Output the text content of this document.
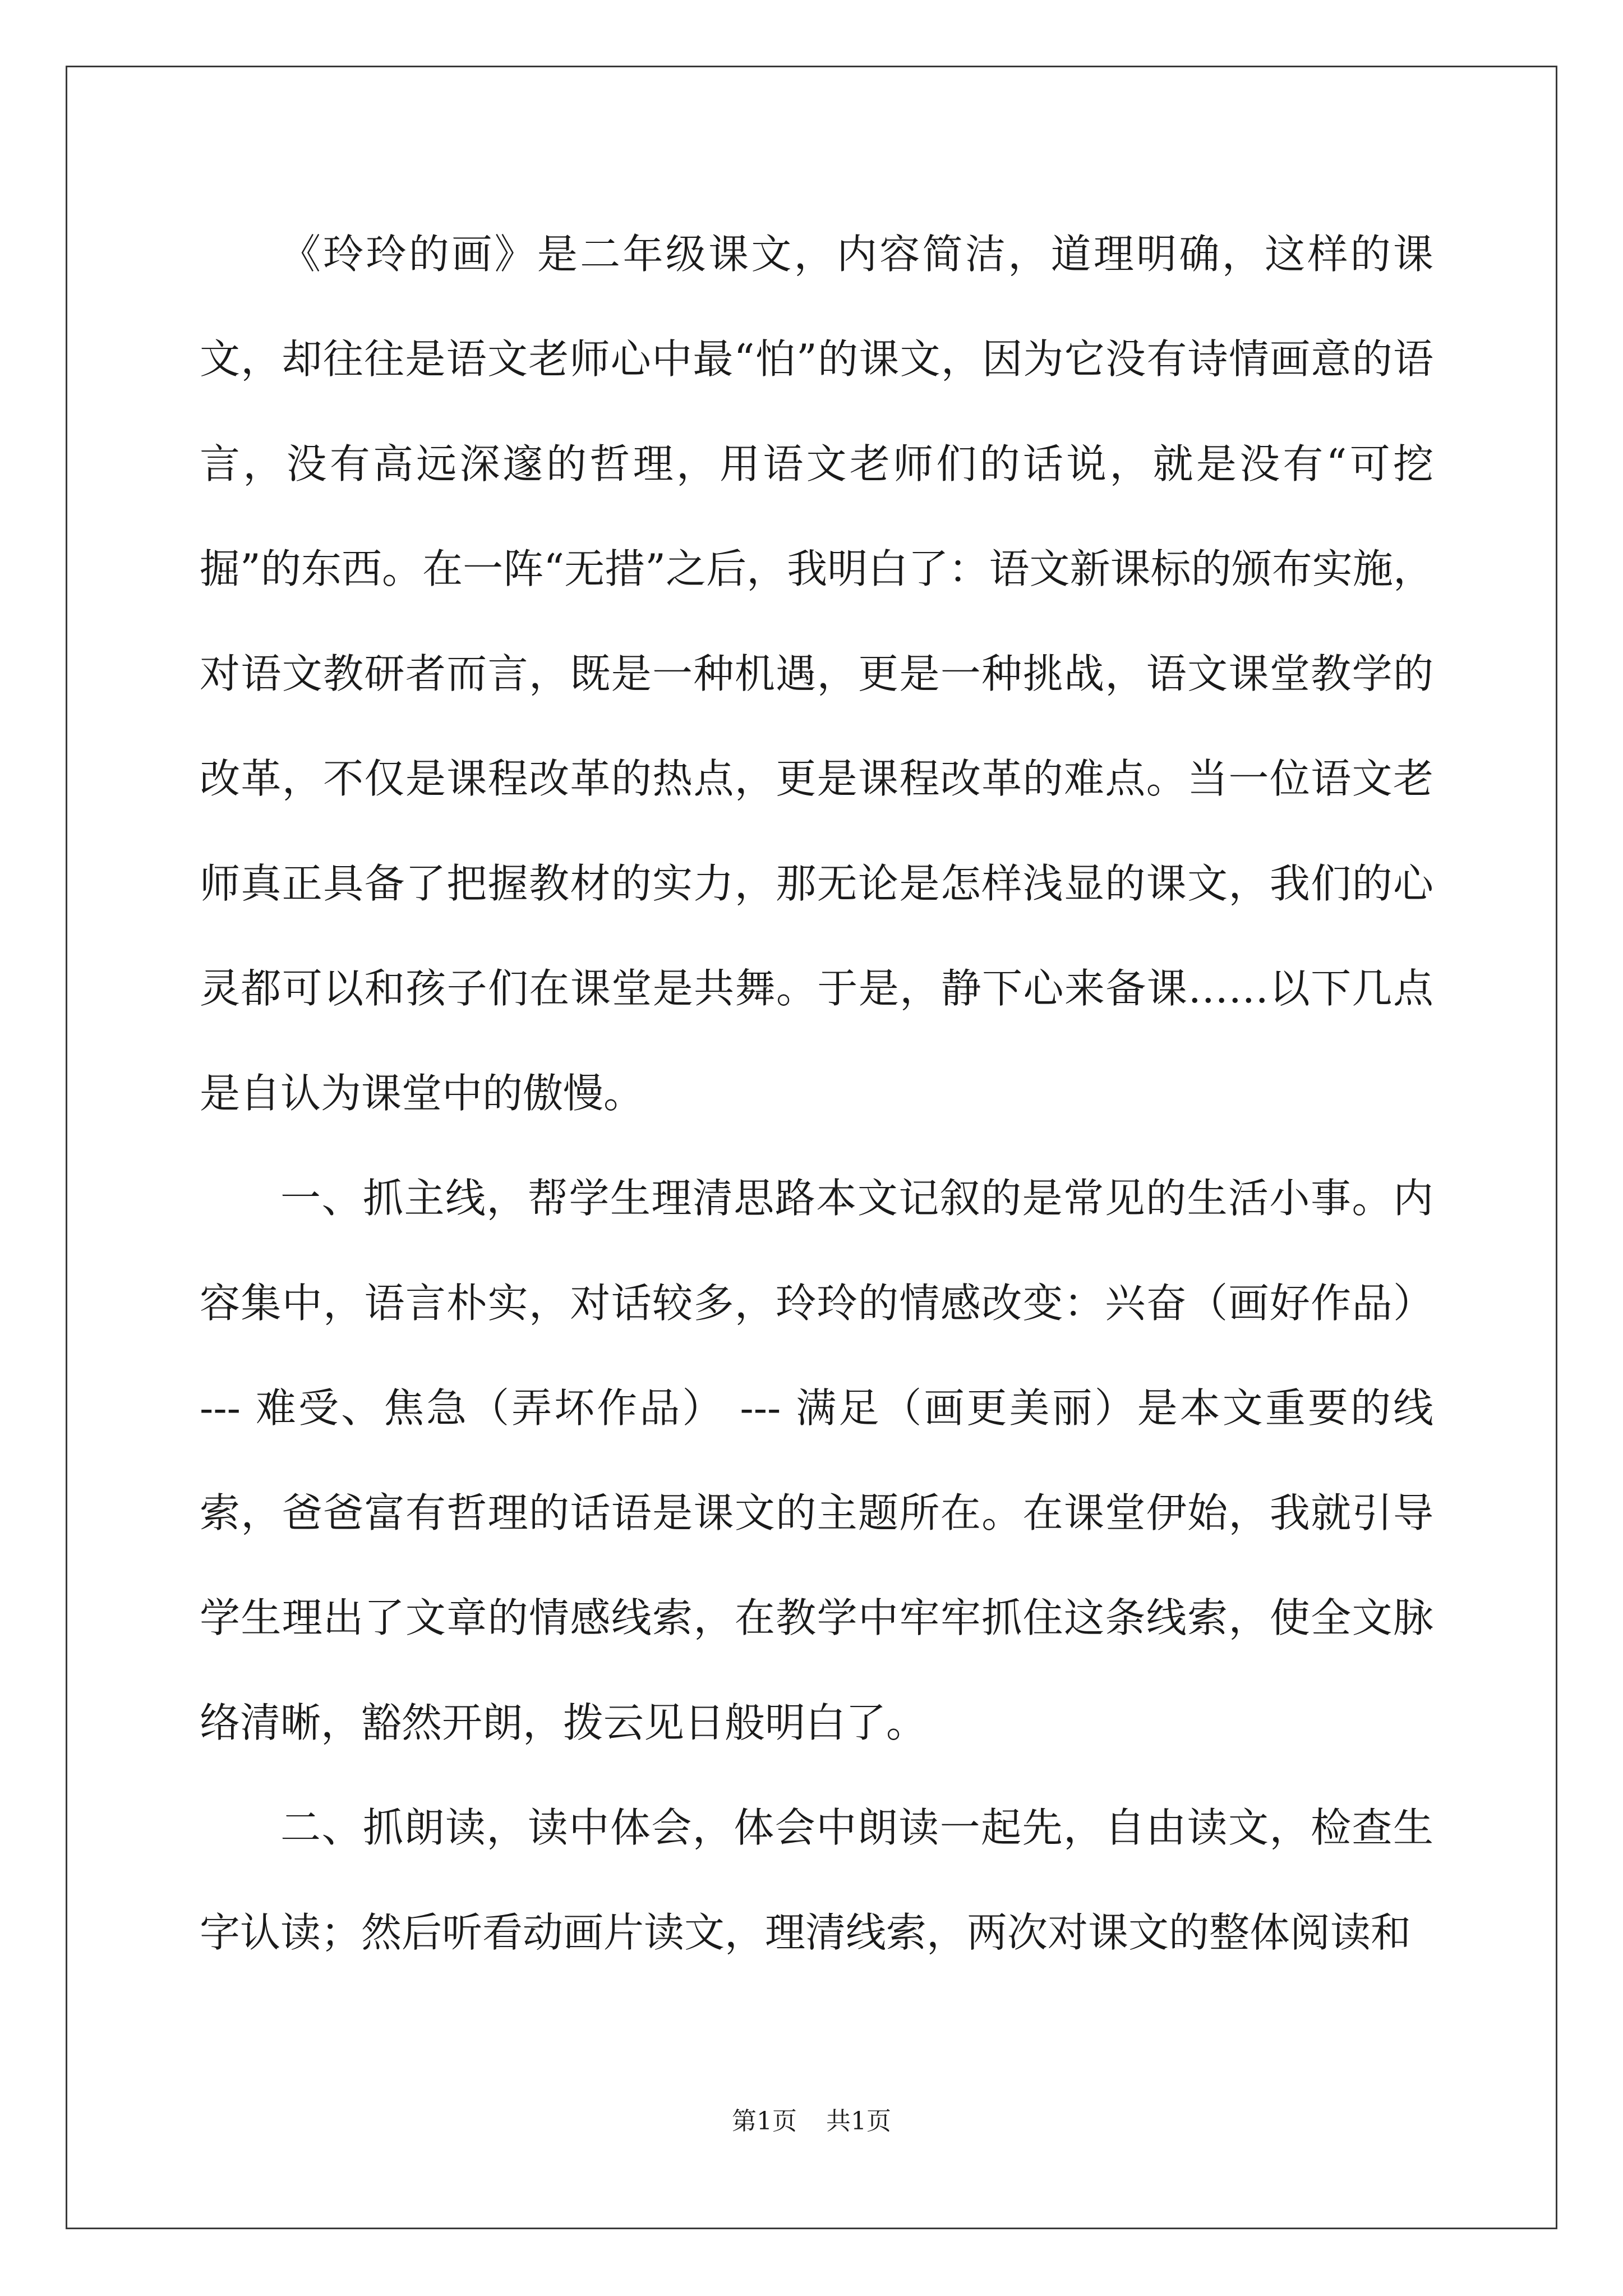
《玲玲的画》是二年级课文，内容简洁，道理明确，这样的课文，却往往是语文老师心中最“怕”的课文，因为它没有诗情画意的语言，没有高远深邃的哲理，用语文老师们的话说，就是没有“可挖掘”的东西。在一阵“无措”之后，我明白了：语文新课标的颁布实施，对语文教研者而言，既是一种机遇，更是一种挑战，语文课堂教学的改革，不仅是课程改革的热点，更是课程改革的难点。当一位语文老师真正具备了把握教材的实力，那无论是怎样浅显的课文，我们的心灵都可以和孩子们在课堂是共舞。于是，静下心来备课……以下几点是自认为课堂中的傲慢。

一、抓主线，帮学生理清思路本文记叙的是常见的生活小事。内容集中，语言朴实，对话较多，玲玲的情感改变：兴奋（画好作品） --- 难受、焦急（弄坏作品） --- 满足（画更美丽）是本文重要的线索，爸爸富有哲理的话语是课文的主题所在。在课堂伊始，我就引导学生理出了文章的情感线索，在教学中牢牢抓住这条线索，使全文脉络清晰，豁然开朗，拨云见日般明白了。

二、抓朗读，读中体会，体会中朗读一起先，自由读文，检查生字认读；然后听看动画片读文，理清线索，两次对课文的整体阅读和

第1页 共1页
